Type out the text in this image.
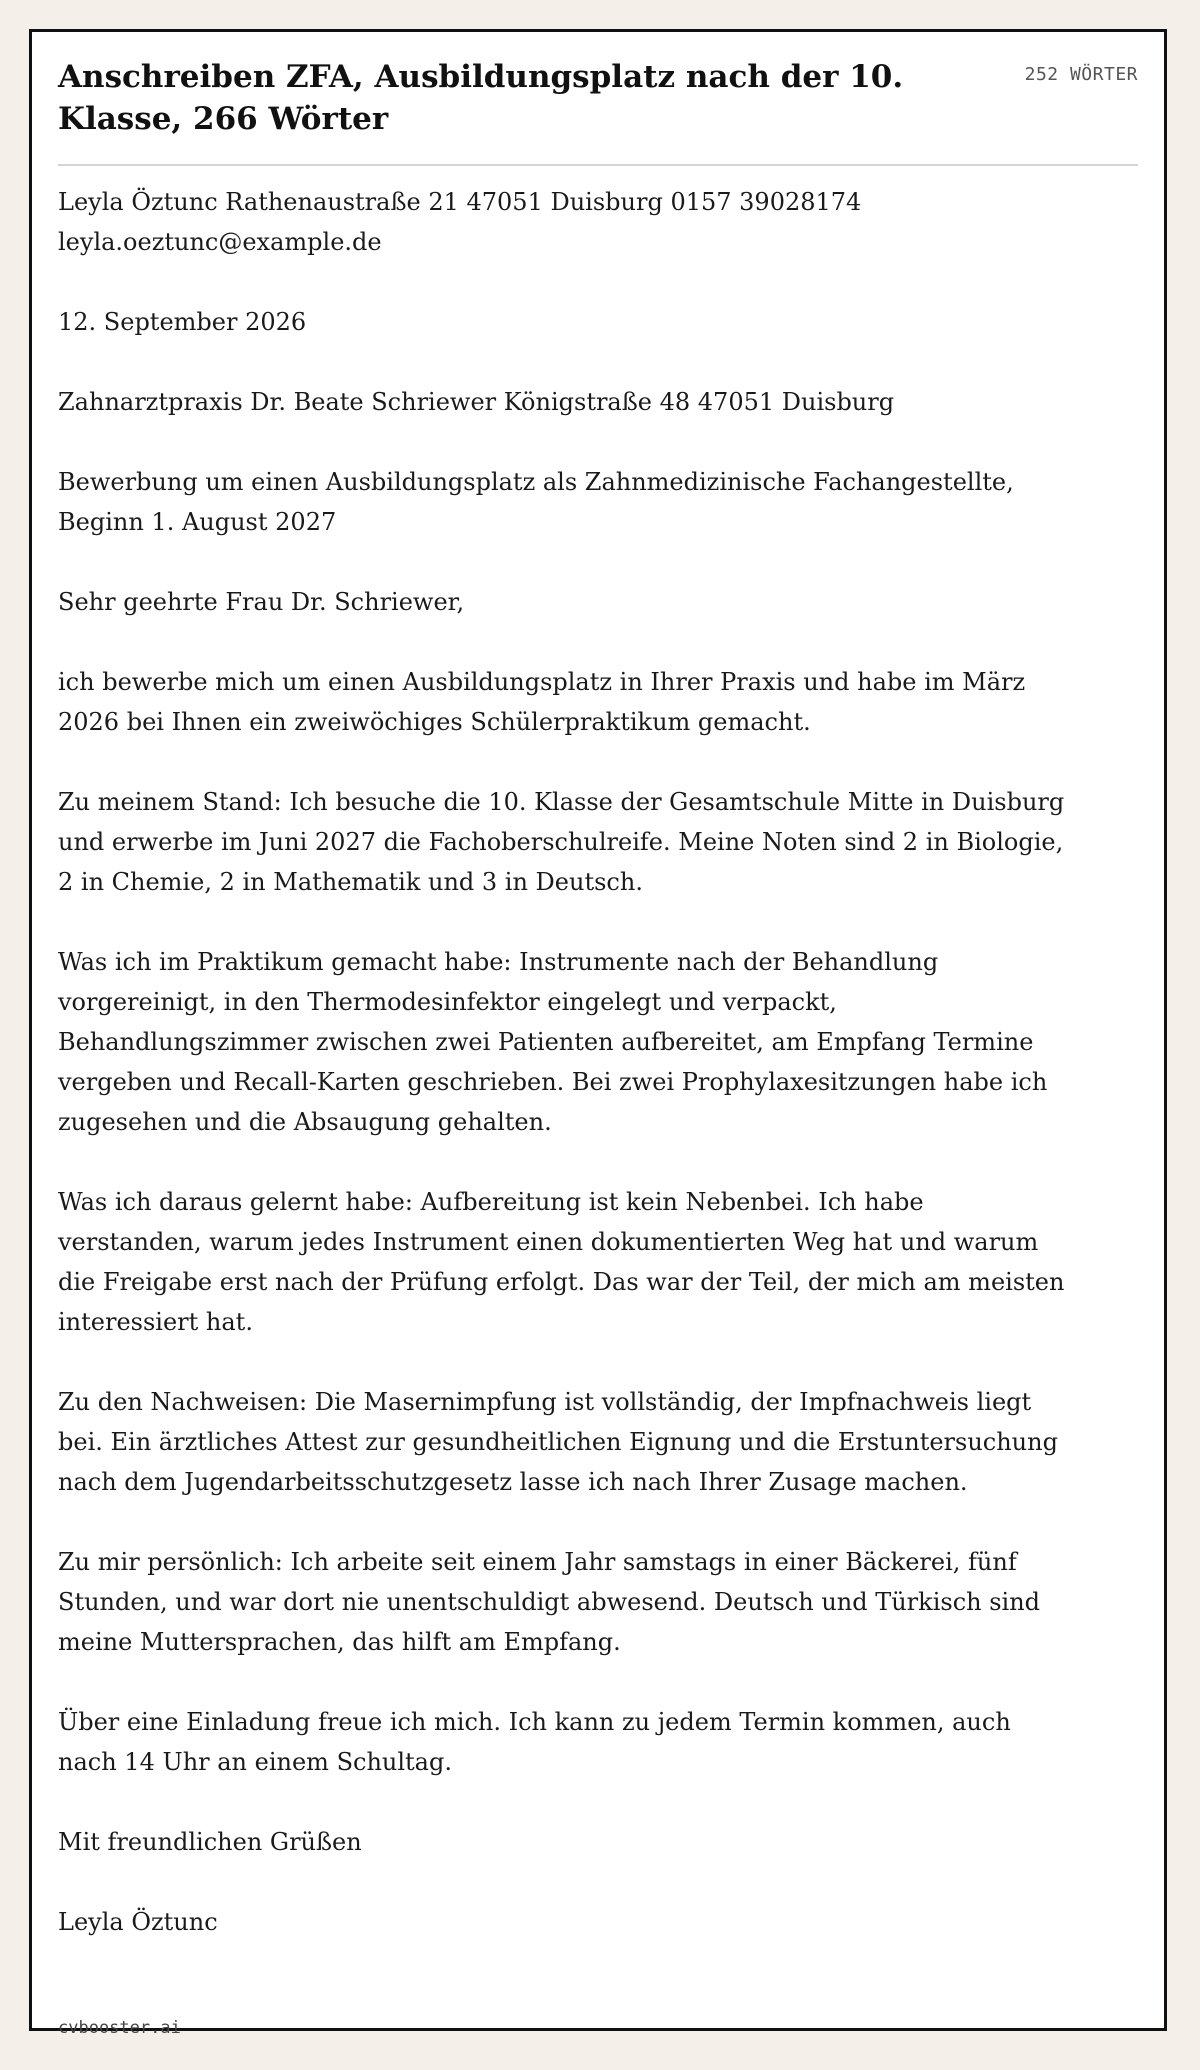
Anschreiben ZFA, Ausbildungsplatz nach der 10. Klasse, 266 Wörter
252 WÖRTER

Leyla Öztunc Rathenaustraße 21 47051 Duisburg 0157 39028174 leyla.oeztunc@example.de

12. September 2026

Zahnarztpraxis Dr. Beate Schriewer Königstraße 48 47051 Duisburg

Bewerbung um einen Ausbildungsplatz als Zahnmedizinische Fachangestellte, Beginn 1. August 2027

Sehr geehrte Frau Dr. Schriewer,

ich bewerbe mich um einen Ausbildungsplatz in Ihrer Praxis und habe im März 2026 bei Ihnen ein zweiwöchiges Schülerpraktikum gemacht.

Zu meinem Stand: Ich besuche die 10. Klasse der Gesamtschule Mitte in Duisburg und erwerbe im Juni 2027 die Fachoberschulreife. Meine Noten sind 2 in Biologie, 2 in Chemie, 2 in Mathematik und 3 in Deutsch.

Was ich im Praktikum gemacht habe: Instrumente nach der Behandlung vorgereinigt, in den Thermodesinfektor eingelegt und verpackt, Behandlungszimmer zwischen zwei Patienten aufbereitet, am Empfang Termine vergeben und Recall-Karten geschrieben. Bei zwei Prophylaxesitzungen habe ich zugesehen und die Absaugung gehalten.

Was ich daraus gelernt habe: Aufbereitung ist kein Nebenbei. Ich habe verstanden, warum jedes Instrument einen dokumentierten Weg hat und warum die Freigabe erst nach der Prüfung erfolgt. Das war der Teil, der mich am meisten interessiert hat.

Zu den Nachweisen: Die Masernimpfung ist vollständig, der Impfnachweis liegt bei. Ein ärztliches Attest zur gesundheitlichen Eignung und die Erstuntersuchung nach dem Jugendarbeitsschutzgesetz lasse ich nach Ihrer Zusage machen.

Zu mir persönlich: Ich arbeite seit einem Jahr samstags in einer Bäckerei, fünf Stunden, und war dort nie unentschuldigt abwesend. Deutsch und Türkisch sind meine Muttersprachen, das hilft am Empfang.

Über eine Einladung freue ich mich. Ich kann zu jedem Termin kommen, auch nach 14 Uhr an einem Schultag.

Mit freundlichen Grüßen

Leyla Öztunc

cvbooster.ai
